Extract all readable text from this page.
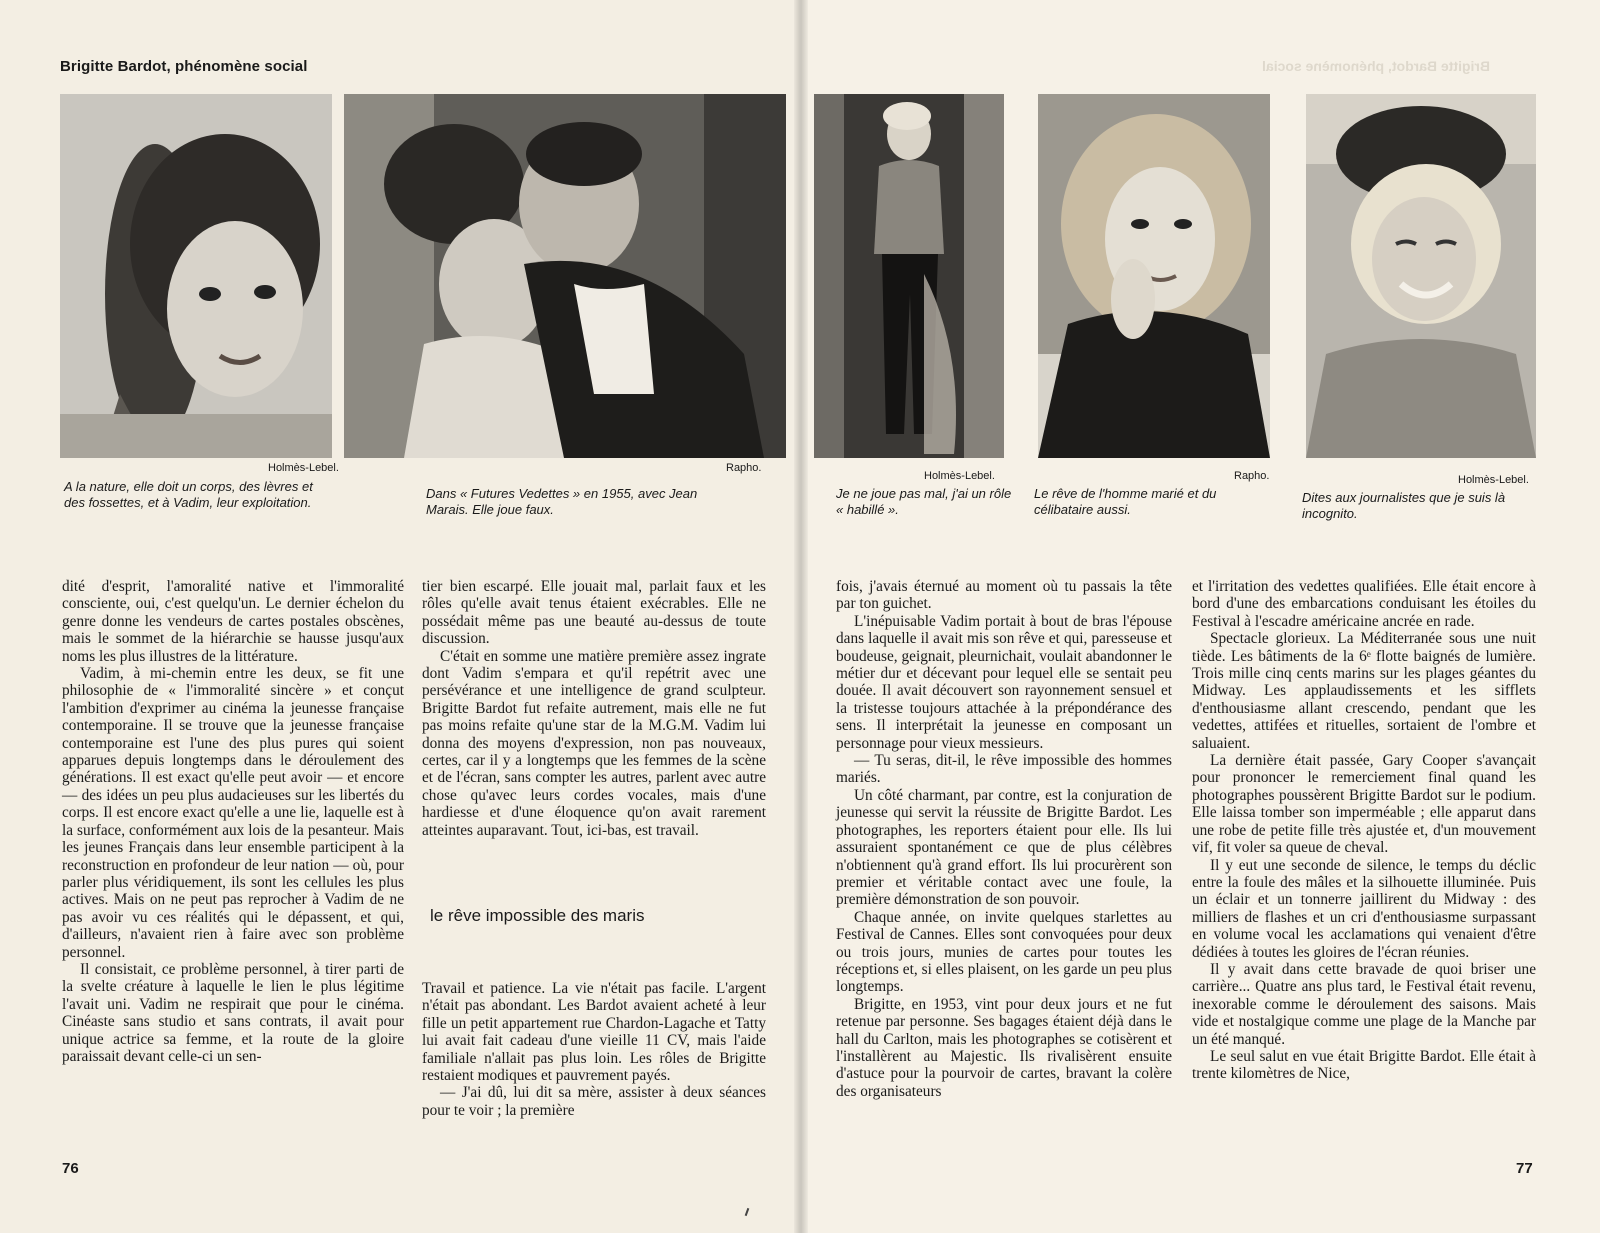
Brigitte Bardot, phénomène social	Brigitte Bardot, phénomène social
Holmès-Lebel.
A la nature, elle doit un corps, des lèvres et des fossettes, et à Vadim, leur exploitation.
Rapho.
Dans « Futures Vedettes » en 1955, avec Jean Marais. Elle joue faux.
Holmès-Lebel.
Je ne joue pas mal, j'ai un rôle « habillé ».
Rapho.
Le rêve de l'homme marié et du célibataire aussi.
Holmès-Lebel.
Dites aux journalistes que je suis là incognito.

dité d'esprit, l'amoralité native et l'immoralité consciente, oui, c'est quelqu'un. Le dernier échelon du genre donne les vendeurs de cartes postales obscènes, mais le sommet de la hiérarchie se hausse jusqu'aux noms les plus illustres de la littérature.

Vadim, à mi-chemin entre les deux, se fit une philosophie de « l'immoralité sincère » et conçut l'ambition d'exprimer au cinéma la jeunesse française contemporaine. Il se trouve que la jeunesse française contemporaine est l'une des plus pures qui soient apparues depuis longtemps dans le déroulement des générations. Il est exact qu'elle peut avoir — et encore — des idées un peu plus audacieuses sur les libertés du corps. Il est encore exact qu'elle a une lie, laquelle est à la surface, conformément aux lois de la pesanteur. Mais les jeunes Français dans leur ensemble participent à la reconstruction en profondeur de leur nation — où, pour parler plus véridiquement, ils sont les cellules les plus actives. Mais on ne peut pas reprocher à Vadim de ne pas avoir vu ces réalités qui le dépassent, et qui, d'ailleurs, n'avaient rien à faire avec son problème personnel.

Il consistait, ce problème personnel, à tirer parti de la svelte créature à laquelle le lien le plus légitime l'avait uni. Vadim ne respirait que pour le cinéma. Cinéaste sans studio et sans contrats, il avait pour unique actrice sa femme, et la route de la gloire paraissait devant celle-ci un sen-

tier bien escarpé. Elle jouait mal, parlait faux et les rôles qu'elle avait tenus étaient exécrables. Elle ne possédait même pas une beauté au-dessus de toute discussion.

C'était en somme une matière première assez ingrate dont Vadim s'empara et qu'il repétrit avec une persévérance et une intelligence de grand sculpteur. Brigitte Bardot fut refaite autrement, mais elle ne fut pas moins refaite qu'une star de la M.G.M. Vadim lui donna des moyens d'expression, non pas nouveaux, certes, car il y a longtemps que les femmes de la scène et de l'écran, sans compter les autres, parlent avec autre chose qu'avec leurs cordes vocales, mais d'une hardiesse et d'une éloquence qu'on avait rarement atteintes auparavant. Tout, ici-bas, est travail.

le rêve impossible des maris

Travail et patience. La vie n'était pas facile. L'argent n'était pas abondant. Les Bardot avaient acheté à leur fille un petit appartement rue Chardon-Lagache et Tatty lui avait fait cadeau d'une vieille 11 CV, mais l'aide familiale n'allait pas plus loin. Les rôles de Brigitte restaient modiques et pauvrement payés.

— J'ai dû, lui dit sa mère, assister à deux séances pour te voir ; la première

fois, j'avais éternué au moment où tu passais la tête par ton guichet.

L'inépuisable Vadim portait à bout de bras l'épouse dans laquelle il avait mis son rêve et qui, paresseuse et boudeuse, geignait, pleurnichait, voulait abandonner le métier dur et décevant pour lequel elle se sentait peu douée. Il avait découvert son rayonnement sensuel et la tristesse toujours attachée à la prépondérance des sens. Il interprétait la jeunesse en composant un personnage pour vieux messieurs.

— Tu seras, dit-il, le rêve impossible des hommes mariés.

Un côté charmant, par contre, est la conjuration de jeunesse qui servit la réussite de Brigitte Bardot. Les photographes, les reporters étaient pour elle. Ils lui assuraient spontanément ce que de plus célèbres n'obtiennent qu'à grand effort. Ils lui procurèrent son premier et véritable contact avec une foule, la première démonstration de son pouvoir.

Chaque année, on invite quelques starlettes au Festival de Cannes. Elles sont convoquées pour deux ou trois jours, munies de cartes pour toutes les réceptions et, si elles plaisent, on les garde un peu plus longtemps.

Brigitte, en 1953, vint pour deux jours et ne fut retenue par personne. Ses bagages étaient déjà dans le hall du Carlton, mais les photographes se cotisèrent et l'installèrent au Majestic. Ils rivalisèrent ensuite d'astuce pour la pourvoir de cartes, bravant la colère des organisateurs

et l'irritation des vedettes qualifiées. Elle était encore à bord d'une des embarcations conduisant les étoiles du Festival à l'escadre américaine ancrée en rade.

Spectacle glorieux. La Méditerranée sous une nuit tiède. Les bâtiments de la 6ᵉ flotte baignés de lumière. Trois mille cinq cents marins sur les plages géantes du Midway. Les applaudissements et les sifflets d'enthousiasme allant crescendo, pendant que les vedettes, attifées et rituelles, sortaient de l'ombre et saluaient.

La dernière était passée, Gary Cooper s'avançait pour prononcer le remerciement final quand les photographes poussèrent Brigitte Bardot sur le podium. Elle laissa tomber son imperméable ; elle apparut dans une robe de petite fille très ajustée et, d'un mouvement vif, fit voler sa queue de cheval.

Il y eut une seconde de silence, le temps du déclic entre la foule des mâles et la silhouette illuminée. Puis un éclair et un tonnerre jaillirent du Midway : des milliers de flashes et un cri d'enthousiasme surpassant en volume vocal les acclamations qui venaient d'être dédiées à toutes les gloires de l'écran réunies.

Il y avait dans cette bravade de quoi briser une carrière... Quatre ans plus tard, le Festival était revenu, inexorable comme le déroulement des saisons. Mais vide et nostalgique comme une plage de la Manche par un été manqué.

Le seul salut en vue était Brigitte Bardot. Elle était à trente kilomètres de Nice,

76	77
